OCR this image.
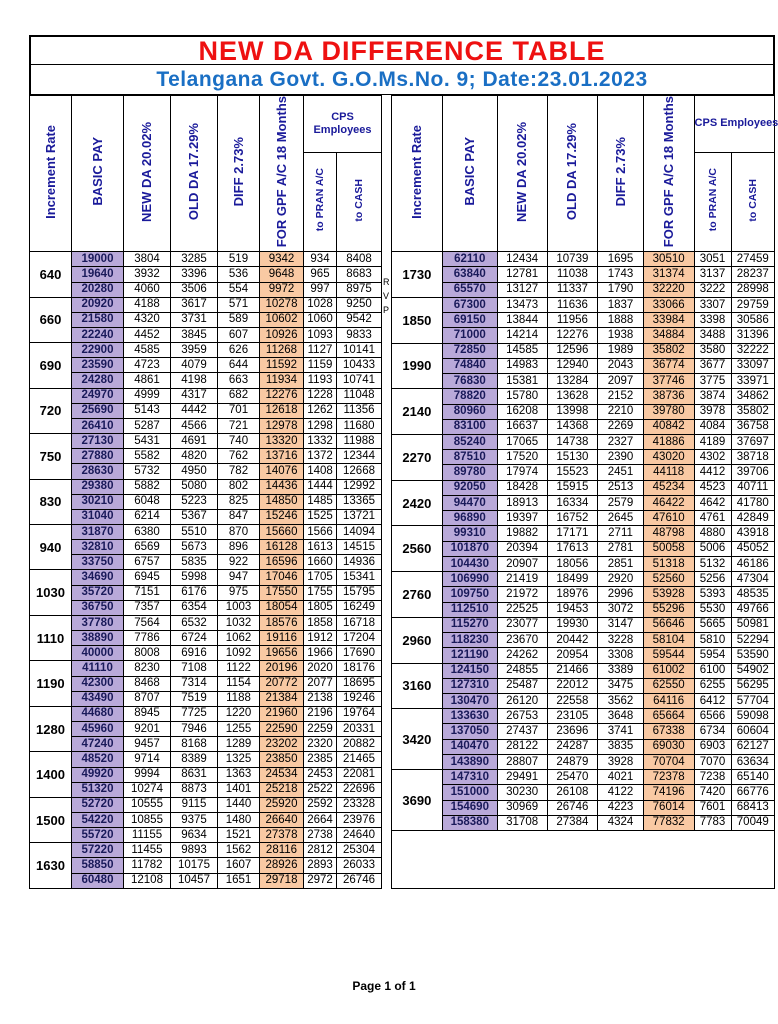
NEW DA DIFFERENCE TABLE
Telangana Govt. G.O.Ms.No. 9; Date:23.01.2023
Increment Rate	BASIC PAY	NEW DA 20.02%	OLD DA 17.29%	DIFF 2.73%	FOR GPF A/C 18 Months	CPS Employees	
						to PRAN A/C	to CASH
640	19000	3804	3285	519	9342	934	8408
	19640	3932	3396	536	9648	965	8683
	20280	4060	3506	554	9972	997	8975
660	20920	4188	3617	571	10278	1028	9250
	21580	4320	3731	589	10602	1060	9542
	22240	4452	3845	607	10926	1093	9833
690	22900	4585	3959	626	11268	1127	10141
	23590	4723	4079	644	11592	1159	10433
	24280	4861	4198	663	11934	1193	10741
720	24970	4999	4317	682	12276	1228	11048
	25690	5143	4442	701	12618	1262	11356
	26410	5287	4566	721	12978	1298	11680
750	27130	5431	4691	740	13320	1332	11988
	27880	5582	4820	762	13716	1372	12344
	28630	5732	4950	782	14076	1408	12668
830	29380	5882	5080	802	14436	1444	12992
	30210	6048	5223	825	14850	1485	13365
	31040	6214	5367	847	15246	1525	13721
940	31870	6380	5510	870	15660	1566	14094
	32810	6569	5673	896	16128	1613	14515
	33750	6757	5835	922	16596	1660	14936
1030	34690	6945	5998	947	17046	1705	15341
	35720	7151	6176	975	17550	1755	15795
	36750	7357	6354	1003	18054	1805	16249
1110	37780	7564	6532	1032	18576	1858	16718
	38890	7786	6724	1062	19116	1912	17204
	40000	8008	6916	1092	19656	1966	17690
1190	41110	8230	7108	1122	20196	2020	18176
	42300	8468	7314	1154	20772	2077	18695
	43490	8707	7519	1188	21384	2138	19246
1280	44680	8945	7725	1220	21960	2196	19764
	45960	9201	7946	1255	22590	2259	20331
	47240	9457	8168	1289	23202	2320	20882
1400	48520	9714	8389	1325	23850	2385	21465
	49920	9994	8631	1363	24534	2453	22081
	51320	10274	8873	1401	25218	2522	22696
1500	52720	10555	9115	1440	25920	2592	23328
	54220	10855	9375	1480	26640	2664	23976
	55720	11155	9634	1521	27378	2738	24640
1630	57220	11455	9893	1562	28116	2812	25304
	58850	11782	10175	1607	28926	2893	26033
	60480	12108	10457	1651	29718	2972	26746
R
V
P
Increment Rate	BASIC PAY	NEW DA 20.02%	OLD DA 17.29%	DIFF 2.73%	FOR GPF A/C 18 Months	CPS Employees	
						to PRAN A/C	to CASH
1730	62110	12434	10739	1695	30510	3051	27459
	63840	12781	11038	1743	31374	3137	28237
	65570	13127	11337	1790	32220	3222	28998
1850	67300	13473	11636	1837	33066	3307	29759
	69150	13844	11956	1888	33984	3398	30586
	71000	14214	12276	1938	34884	3488	31396
1990	72850	14585	12596	1989	35802	3580	32222
	74840	14983	12940	2043	36774	3677	33097
	76830	15381	13284	2097	37746	3775	33971
2140	78820	15780	13628	2152	38736	3874	34862
	80960	16208	13998	2210	39780	3978	35802
	83100	16637	14368	2269	40842	4084	36758
2270	85240	17065	14738	2327	41886	4189	37697
	87510	17520	15130	2390	43020	4302	38718
	89780	17974	15523	2451	44118	4412	39706
2420	92050	18428	15915	2513	45234	4523	40711
	94470	18913	16334	2579	46422	4642	41780
	96890	19397	16752	2645	47610	4761	42849
2560	99310	19882	17171	2711	48798	4880	43918
	101870	20394	17613	2781	50058	5006	45052
	104430	20907	18056	2851	51318	5132	46186
2760	106990	21419	18499	2920	52560	5256	47304
	109750	21972	18976	2996	53928	5393	48535
	112510	22525	19453	3072	55296	5530	49766
2960	115270	23077	19930	3147	56646	5665	50981
	118230	23670	20442	3228	58104	5810	52294
	121190	24262	20954	3308	59544	5954	53590
3160	124150	24855	21466	3389	61002	6100	54902
	127310	25487	22012	3475	62550	6255	56295
	130470	26120	22558	3562	64116	6412	57704
3420	133630	26753	23105	3648	65664	6566	59098
	137050	27437	23696	3741	67338	6734	60604
	140470	28122	24287	3835	69030	6903	62127
	143890	28807	24879	3928	70704	7070	63634
3690	147310	29491	25470	4021	72378	7238	65140
	151000	30230	26108	4122	74196	7420	66776
	154690	30969	26746	4223	76014	7601	68413
	158380	31708	27384	4324	77832	7783	70049

Page 1 of 1
